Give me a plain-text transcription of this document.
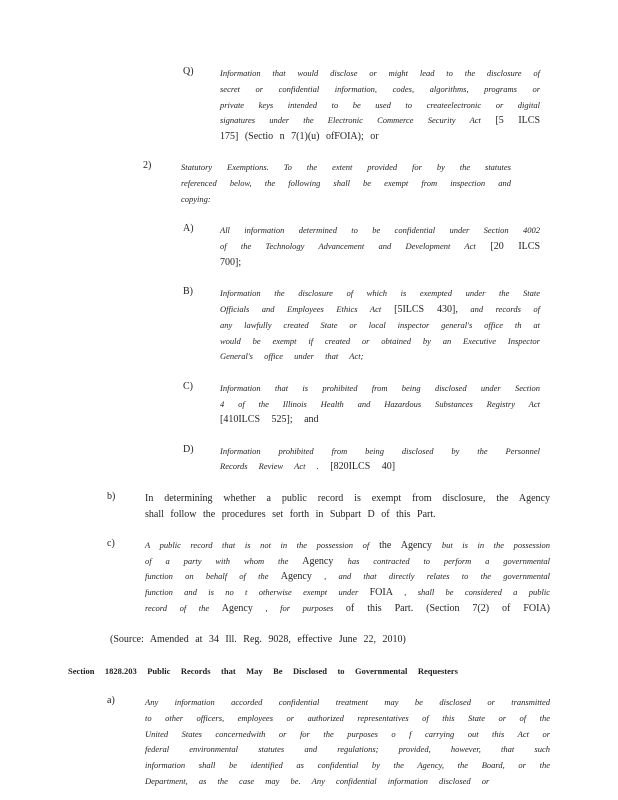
Q)	Information that would disclose or might lead to the disclosure of
secret or confidential information, codes, algorithms, programs or
private keys intended to be used to createelectronic or digital
signatures under the Electronic Commerce Security Act [5 ILCS
175] (Sectio n 7(1)(u) ofFOIA); or
2)	Statutory Exemptions. To the extent provided for by the statutes
referenced below, the following shall be exempt from inspection and
copying:
A)	All information determined to be confidential under Section 4002
of the Technology Advancement and Development Act [20 ILCS
700];
B)	Information the disclosure of which is exempted under the State
Officials and Employees Ethics Act [5ILCS 430], and records of
any lawfully created State or local inspector general's office th at
would be exempt if created or obtained by an Executive Inspector
General's office under that Act;
C)	Information that is prohibited from being disclosed under Section
4 of the Illinois Health and Hazardous Substances Registry Act
[410ILCS 525]; and
D)	Information prohibited from being disclosed by the Personnel
Records Review Act . [820ILCS 40]
b)	In determining whether a public record is exempt from disclosure, the Agency
shall follow the procedures set forth in Subpart D of this Part.
c)	A public record that is not in the possession of the Agency but is in the possession
of a party with whom the Agency has contracted to perform a governmental
function on behalf of the Agency , and that directly relates to the governmental
function and is no t otherwise exempt under FOIA , shall be considered a public
record of the Agency , for purposes of this Part. (Section 7(2) of FOIA)
(Source: Amended at 34 Ill. Reg. 9028, effective June 22, 2010)
Section 1828.203 Public Records that May Be Disclosed to Governmental Requesters
a)	Any information accorded confidential treatment may be disclosed or transmitted
to other officers, employees or authorized representatives of this State or of the
United States concernedwith or for the purposes o f carrying out this Act or
federal environmental statutes and regulations; provided, however, that such
information shall be identified as confidential by the Agency, the Board, or the
Department, as the case may be. Any confidential information disclosed or
